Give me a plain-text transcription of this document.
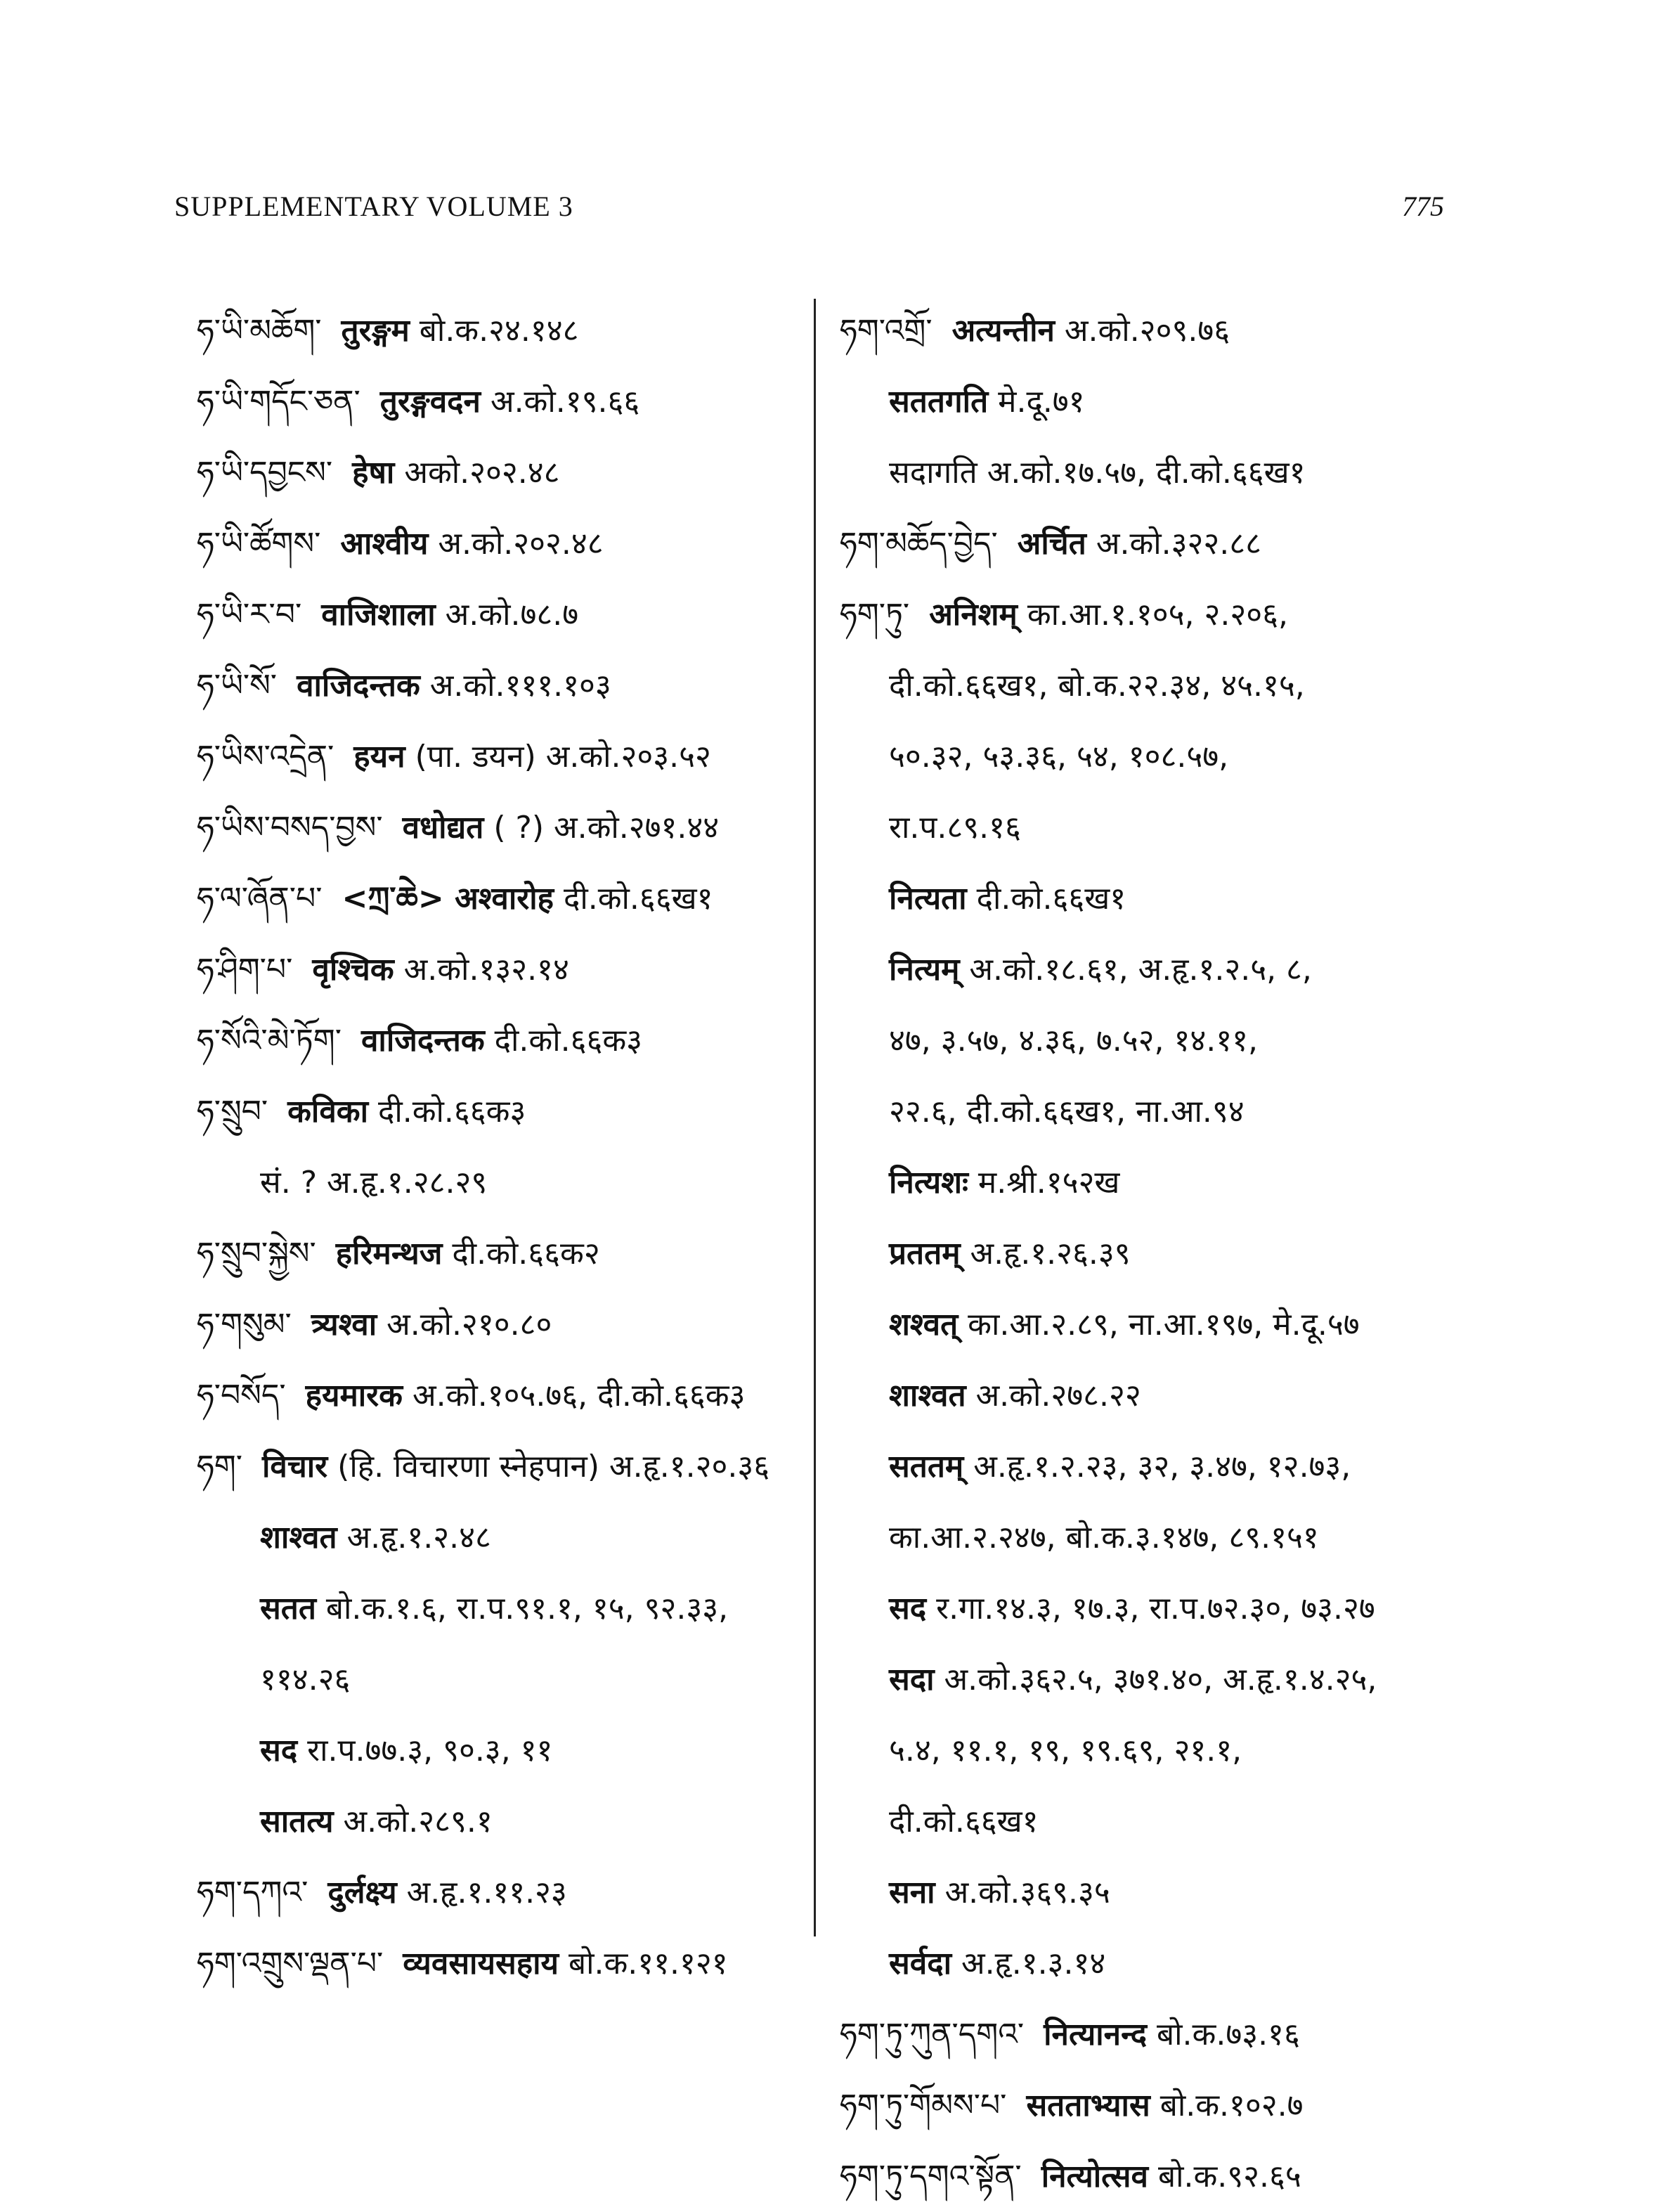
SUPPLEMENTARY VOLUME 3	775
ཧ་ཡི་མཆོག་ तुरङ्गम बो.क.२४.१४८
ཧ་ཡི་གདོང་ཅན་ तुरङ्गवदन अ.को.१९.६६
ཧ་ཡི་དབྱངས་ हेषा अको.२०२.४८
ཧ་ཡི་ཚོགས་ आश्वीय अ.को.२०२.४८
ཧ་ཡི་ར་བ་ वाजिशाला अ.को.७८.७
ཧ་ཡི་སོ་ वाजिदन्तक अ.को.१११.१०३
ཧ་ཡིས་འདྲེན་ हयन (पा. डयन) अ.को.२०३.५२
ཧ་ཡིས་བསད་བྱས་ वधोद्यत ( ?) अ.को.२७१.४४
ཧ་ལ་ཞོན་པ་ <ཀྲ་ཆེ> अश्वारोह दी.को.६६ख१
ཧ་ཤིག་པ་ वृश्चिक अ.को.१३२.१४
ཧ་སོའི་མེ་ཏོག་ वाजिदन्तक दी.को.६६क३
ཧ་སྲུབ་ कविका दी.को.६६क३
सं. ? अ.हृ.१.२८.२९
ཧ་སྲུབ་སྐྱེས་ हरिमन्थज दी.को.६६क२
ཧ་གསུམ་ त्र्यश्वा अ.को.२१०.८०
ཧ་བསོད་ हयमारक अ.को.१०५.७६, दी.को.६६क३
ཧག་ विचार (हि. विचारणा स्नेहपान) अ.हृ.१.२०.३६
शाश्वत अ.हृ.१.२.४८
सतत बो.क.१.६, रा.प.९१.१, १५, ९२.३३,
११४.२६
सद रा.प.७७.३, ९०.३, ११
सातत्य अ.को.२८९.१
ཧག་དཀའ་ दुर्लक्ष्य अ.हृ.१.११.२३
ཧག་འགྲུས་ལྡན་པ་ व्यवसायसहाय बो.क.११.१२१
ཧག་འགྲོ་ अत्यन्तीन अ.को.२०९.७६
सततगति मे.दू.७१
सदागति अ.को.१७.५७, दी.को.६६ख१
ཧག་མཆོད་བྱེད་ अर्चित अ.को.३२२.८८
ཧག་ཏུ་ अनिशम् का.आ.१.१०५, २.२०६,
दी.को.६६ख१, बो.क.२२.३४, ४५.१५,
५०.३२, ५३.३६, ५४, १०८.५७,
रा.प.८९.१६
नित्यता दी.को.६६ख१
नित्यम् अ.को.१८.६१, अ.हृ.१.२.५, ८,
४७, ३.५७, ४.३६, ७.५२, १४.११,
२२.६, दी.को.६६ख१, ना.आ.९४
नित्यशः म.श्री.१५२ख
प्रततम् अ.हृ.१.२६.३९
शश्वत् का.आ.२.८९, ना.आ.१९७, मे.दू.५७
शाश्वत अ.को.२७८.२२
सततम् अ.हृ.१.२.२३, ३२, ३.४७, १२.७३,
का.आ.२.२४७, बो.क.३.१४७, ८९.१५१
सद र.गा.१४.३, १७.३, रा.प.७२.३०, ७३.२७
सदा अ.को.३६२.५, ३७१.४०, अ.हृ.१.४.२५,
५.४, ११.१, १९, १९.६९, २१.१,
दी.को.६६ख१
सना अ.को.३६९.३५
सर्वदा अ.हृ.१.३.१४
ཧག་ཏུ་ཀུན་དགའ་ नित्यानन्द बो.क.७३.१६
ཧག་ཏུ་གོམས་པ་ सतताभ्यास बो.क.१०२.७
ཧག་ཏུ་དགའ་སྟོན་ नित्योत्सव बो.क.९२.६५
